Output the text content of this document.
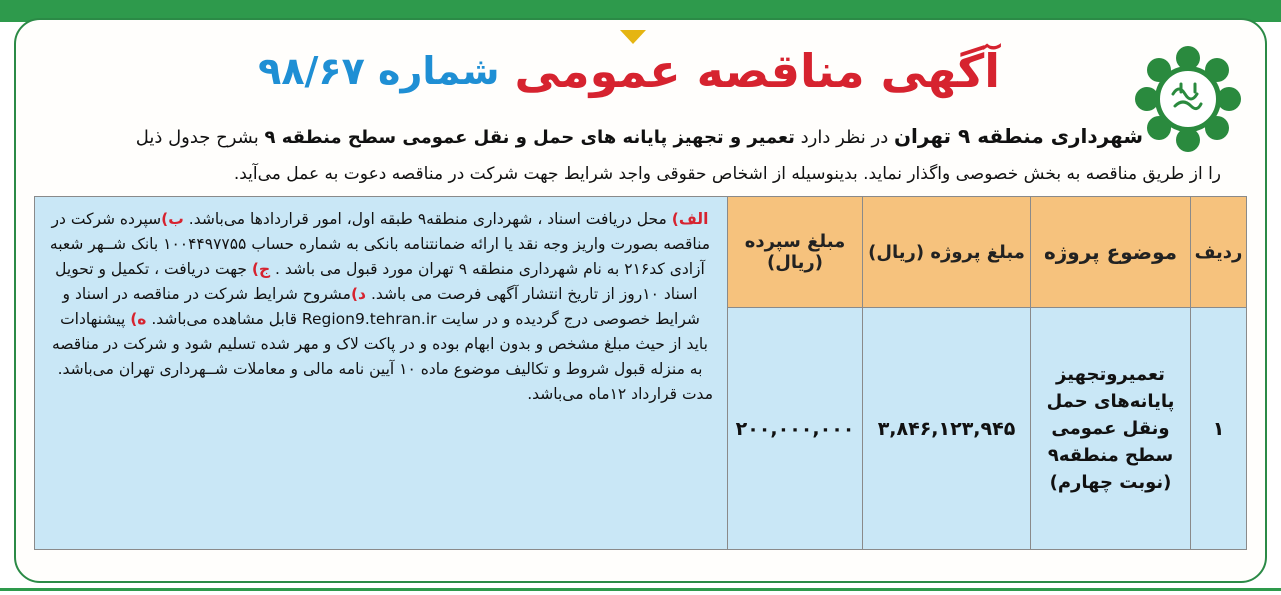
آگهی مناقصه عمومی شماره ۹۸/۶۷
شهرداری منطقه ۹ تهران در نظر دارد تعمیر و تجهیز پایانه های حمل و نقل عمومی سطح منطقه ۹ بشرح جدول ذیل
را از طریق مناقصه به بخش خصوصی واگذار نماید. بدینوسیله از اشخاص حقوقی واجد شرایط جهت شرکت در مناقصه دعوت به عمل می‌آید.
ردیف	موضوع پروژه	مبلغ پروژه (ریال)	مبلغ سپرده (ریال)	الف) محل دریافت اسناد ، شهرداری منطقه۹ طبقه اول، امور قراردادها می‌باشد. ب)سپرده شرکت در مناقصه بصورت واریز وجه نقد یا ارائه ضمانتنامه بانکی به شماره حساب ۱۰۰۴۴۹۷۷۵۵ بانک شــهر شعبه آزادی کد۲۱۶ به نام شهرداری منطقه ۹ تهران مورد قبول می باشد . ج) جهت دریافت ، تکمیل و تحویل اسناد ۱۰روز از تاریخ انتشار آگهی فرصت می باشد. د)مشروح شرایط شرکت در مناقصه در اسناد و شرایط خصوصی درج گردیده و در سایت Region9.tehran.ir قابل مشاهده می‌باشد. ه) پیشنهادات باید از حیث مبلغ مشخص و بدون ابهام بوده و در پاکت لاک و مهر شده تسلیم شود و شرکت در مناقصه به منزله قبول شروط و تکالیف موضوع ماده ۱۰ آیین نامه مالی و معاملات شــهرداری تهران می‌باشد. مدت قرارداد ۱۲ماه می‌باشد.
۱	تعمیروتجهیز پایانه‌های حمل ونقل عمومی سطح منطقه۹ (نوبت چهارم)	۳,۸۴۶,۱۲۳,۹۴۵	۲۰۰,۰۰۰,۰۰۰	
